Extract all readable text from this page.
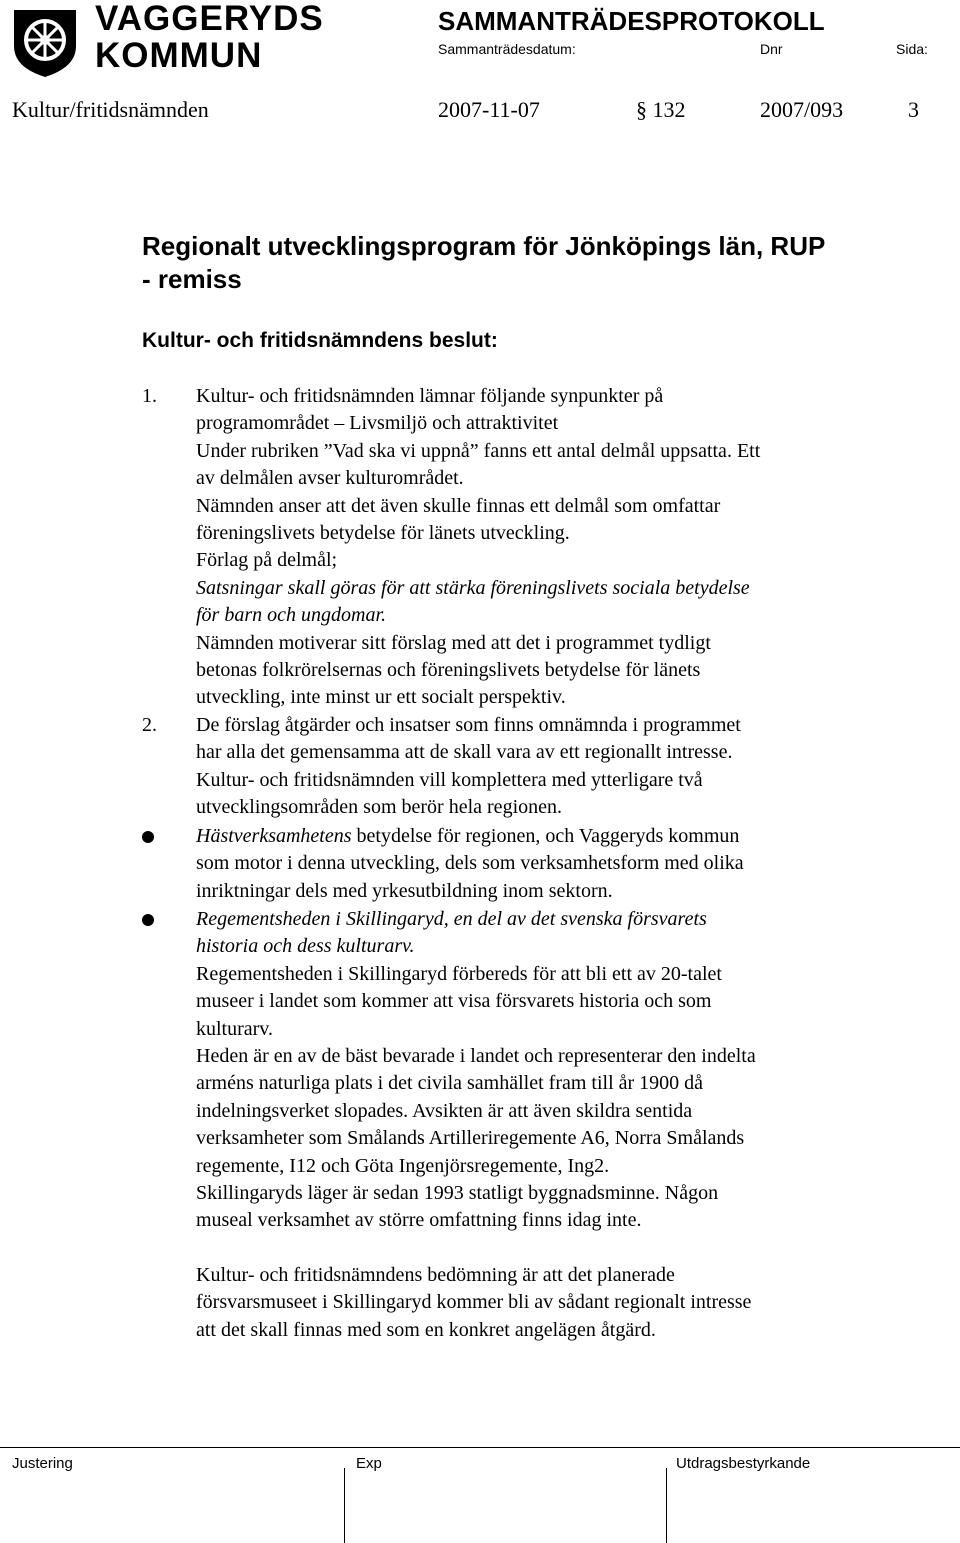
VAGGERYDS
KOMMUN
SAMMANTRÄDESPROTOKOLL
Sammanträdesdatum:	Dnr	Sida:
Kultur/fritidsnämnden	2007-11-07	§ 132	2007/093	3
Regionalt utvecklingsprogram för Jönköpings län, RUP
- remiss
Kultur- och fritidsnämndens beslut:
1. Kultur- och fritidsnämnden lämnar följande synpunkter på

programområdet – Livsmiljö och attraktivitet

Under rubriken ”Vad ska vi uppnå” fanns ett antal delmål uppsatta. Ett

av delmålen avser kulturområdet.

Nämnden anser att det även skulle finnas ett delmål som omfattar

föreningslivets betydelse för länets utveckling.

Förlag på delmål;

Satsningar skall göras för att stärka föreningslivets sociala betydelse

för barn och ungdomar.

Nämnden motiverar sitt förslag med att det i programmet tydligt

betonas folkrörelsernas och föreningslivets betydelse för länets

utveckling, inte minst ur ett socialt perspektiv.

2. De förslag åtgärder och insatser som finns omnämnda i programmet

har alla det gemensamma att de skall vara av ett regionallt intresse.

Kultur- och fritidsnämnden vill komplettera med ytterligare två

utvecklingsområden som berör hela regionen.

Hästverksamhetens betydelse för regionen, och Vaggeryds kommun

som motor i denna utveckling, dels som verksamhetsform med olika

inriktningar dels med yrkesutbildning inom sektorn.

Regementsheden i Skillingaryd, en del av det svenska försvarets

historia och dess kulturarv.

Regementsheden i Skillingaryd förbereds för att bli ett av 20-talet

museer i landet som kommer att visa försvarets historia och som

kulturarv.

Heden är en av de bäst bevarade i landet och representerar den indelta

arméns naturliga plats i det civila samhället fram till år 1900 då

indelningsverket slopades. Avsikten är att även skildra sentida

verksamheter som Smålands Artilleriregemente A6, Norra Smålands

regemente, I12 och Göta Ingenjörsregemente, Ing2.

Skillingaryds läger är sedan 1993 statligt byggnadsminne. Någon

museal verksamhet av större omfattning finns idag inte.

Kultur- och fritidsnämndens bedömning är att det planerade

försvarsmuseet i Skillingaryd kommer bli av sådant regionalt intresse

att det skall finnas med som en konkret angelägen åtgärd.

Justering	Exp	Utdragsbestyrkande
